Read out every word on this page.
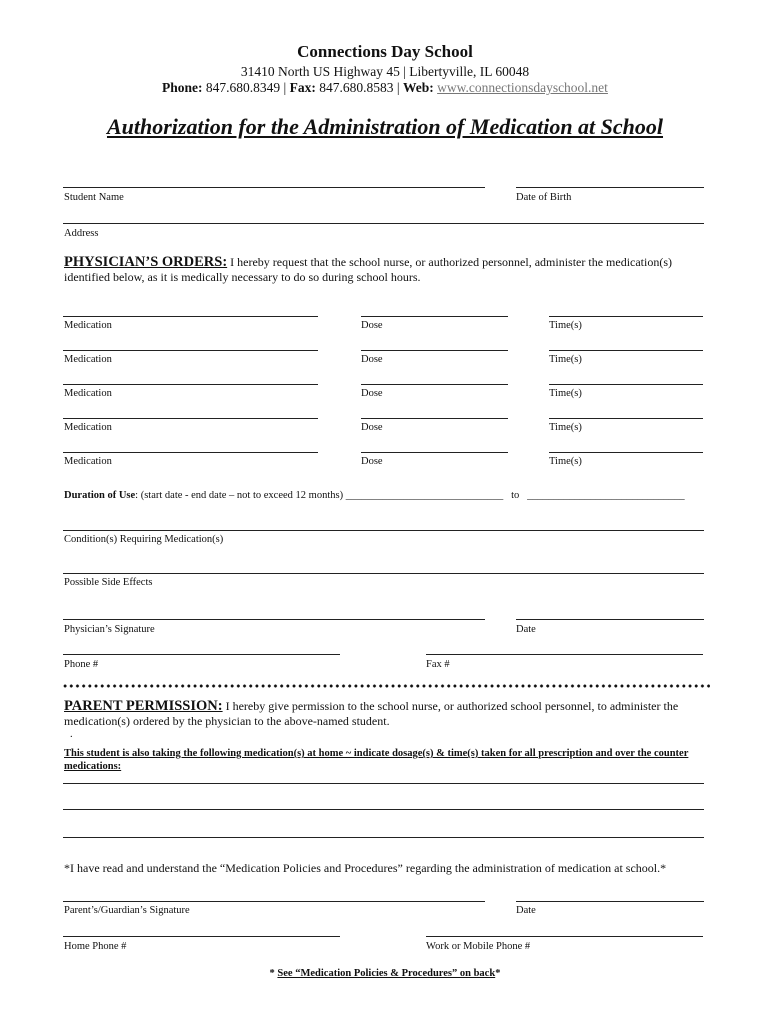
Connections Day School
31410 North US Highway 45 | Libertyville, IL 60048
Phone: 847.680.8349 | Fax: 847.680.8583 | Web: www.connectionsdayschool.net
Authorization for the Administration of Medication at School
Student Name	Date of Birth
Address
PHYSICIAN’S ORDERS: I hereby request that the school nurse, or authorized personnel, administer the medication(s) identified below, as it is medically necessary to do so during school hours.
Medication	Dose	Time(s)
Medication	Dose	Time(s)
Medication	Dose	Time(s)
Medication	Dose	Time(s)
Medication	Dose	Time(s)
Duration of Use: (start date - end date – not to exceed 12 months) ______________________________ to ______________________________
Condition(s) Requiring Medication(s)
Possible Side Effects
Physician’s Signature	Date
Phone #	Fax #
PARENT PERMISSION: I hereby give permission to the school nurse, or authorized school personnel, to administer the medication(s) ordered by the physician to the above-named student.
.
This student is also taking the following medication(s) at home ~ indicate dosage(s) & time(s) taken for all prescription and over the counter medications:
*I have read and understand the “Medication Policies and Procedures” regarding the administration of medication at school.*
Parent’s/Guardian’s Signature	Date
Home Phone #	Work or Mobile Phone #
* See “Medication Policies & Procedures” on back*
